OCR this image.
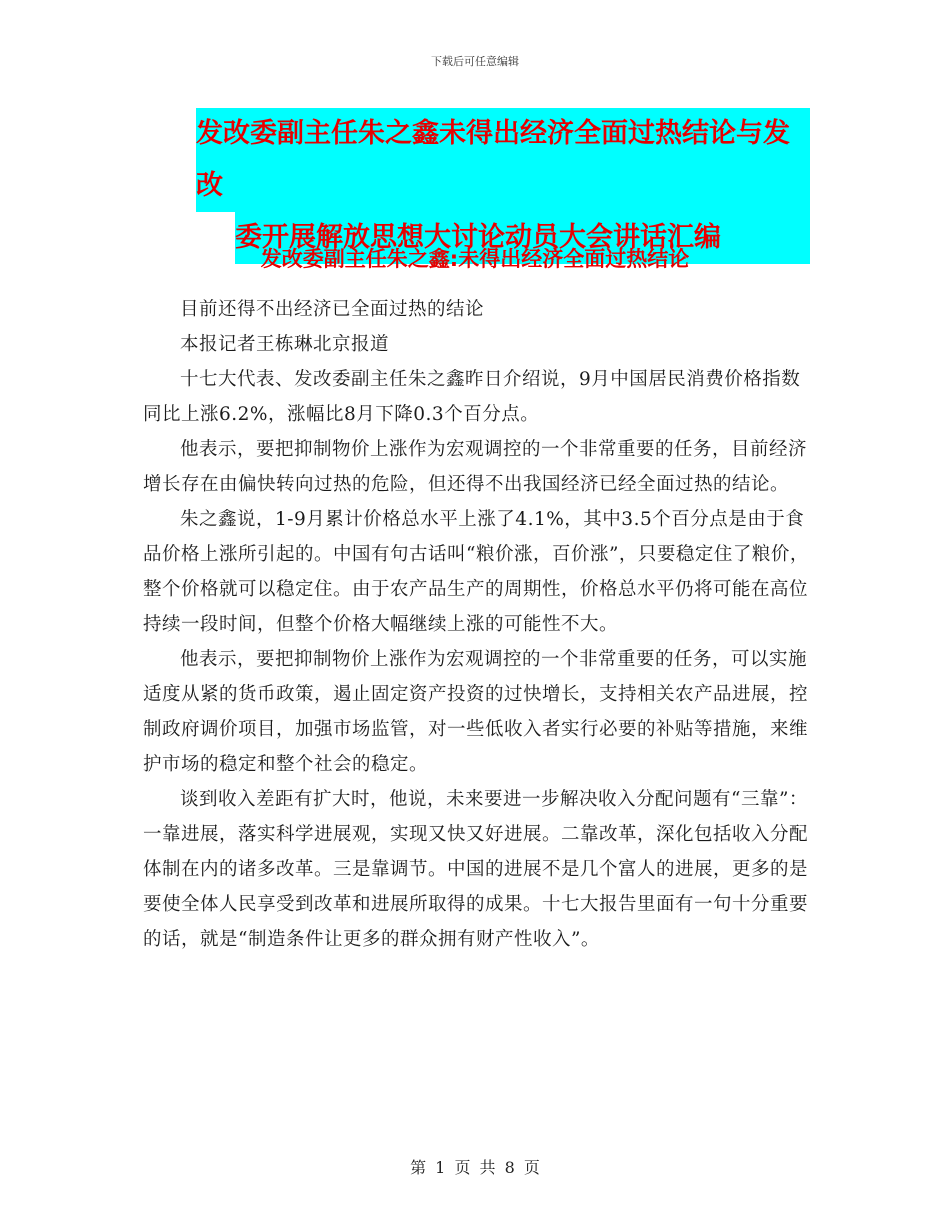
下载后可任意编辑
发改委副主任朱之鑫未得出经济全面过热结论与发改
委开展解放思想大讨论动员大会讲话汇编
发改委副主任朱之鑫:未得出经济全面过热结论

目前还得不出经济已全面过热的结论

本报记者王栋琳北京报道

十七大代表、发改委副主任朱之鑫昨日介绍说，9月中国居民消费价格指数同比上涨6.2%，涨幅比8月下降0.3个百分点。

他表示，要把抑制物价上涨作为宏观调控的一个非常重要的任务，目前经济增长存在由偏快转向过热的危险，但还得不出我国经济已经全面过热的结论。

朱之鑫说，1-9月累计价格总水平上涨了4.1%，其中3.5个百分点是由于食品价格上涨所引起的。中国有句古话叫“粮价涨，百价涨”，只要稳定住了粮价，整个价格就可以稳定住。由于农产品生产的周期性，价格总水平仍将可能在高位持续一段时间，但整个价格大幅继续上涨的可能性不大。

他表示，要把抑制物价上涨作为宏观调控的一个非常重要的任务，可以实施适度从紧的货币政策，遏止固定资产投资的过快增长，支持相关农产品进展，控制政府调价项目，加强市场监管，对一些低收入者实行必要的补贴等措施，来维护市场的稳定和整个社会的稳定。

谈到收入差距有扩大时，他说，未来要进一步解决收入分配问题有“三靠”：一靠进展，落实科学进展观，实现又快又好进展。二靠改革，深化包括收入分配体制在内的诸多改革。三是靠调节。中国的进展不是几个富人的进展，更多的是要使全体人民享受到改革和进展所取得的成果。十七大报告里面有一句十分重要的话，就是“制造条件让更多的群众拥有财产性收入”。

第 1 页 共 8 页
